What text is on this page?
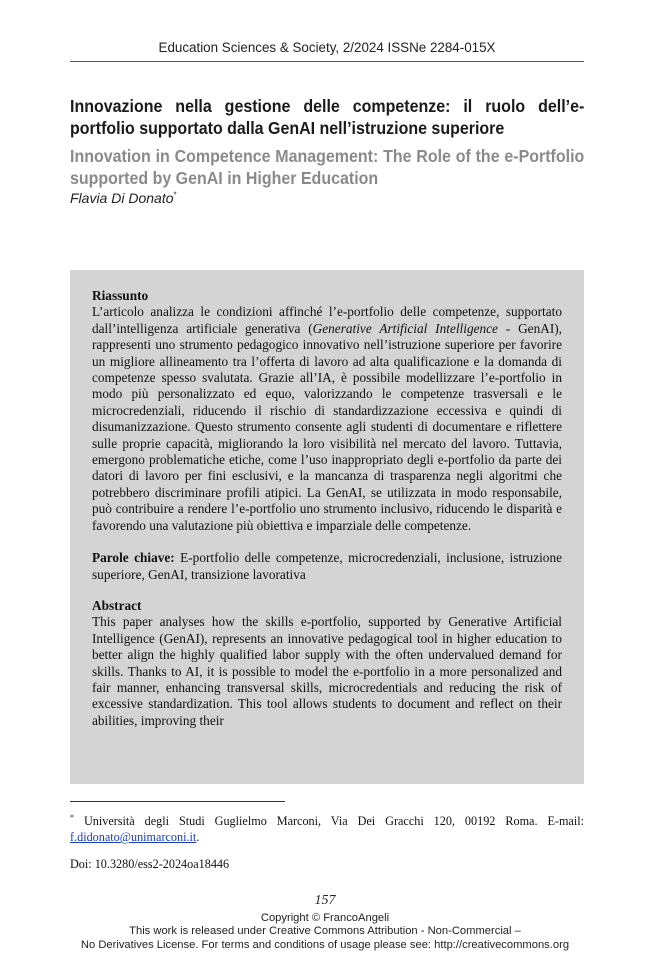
Education Sciences & Society, 2/2024 ISSNe 2284-015X
Innovazione nella gestione delle competenze: il ruolo dell’e-portfolio supportato dalla GenAI nell’istruzione superiore
Innovation in Competence Management: The Role of the e-Portfolio supported by GenAI in Higher Education
Flavia Di Donato*
Riassunto

L’articolo analizza le condizioni affinché l’e-portfolio delle competenze, supportato dall’intelligenza artificiale generativa (Generative Artificial Intelligence - GenAI), rappresenti uno strumento pedagogico innovativo nell’istruzione superiore per favorire un migliore allineamento tra l’offerta di lavoro ad alta qualificazione e la domanda di competenze spesso svalutata. Grazie all’IA, è possibile modellizzare l’e-portfolio in modo più personalizzato ed equo, valorizzando le competenze trasversali e le microcredenziali, riducendo il rischio di standardizzazione eccessiva e quindi di disumanizzazione. Questo strumento consente agli studenti di documentare e riflettere sulle proprie capacità, migliorando la loro visibilità nel mercato del lavoro. Tuttavia, emergono problematiche etiche, come l’uso inappropriato degli e-portfolio da parte dei datori di lavoro per fini esclusivi, e la mancanza di trasparenza negli algoritmi che potrebbero discriminare profili atipici. La GenAI, se utilizzata in modo responsabile, può contribuire a rendere l’e-portfolio uno strumento inclusivo, riducendo le disparità e favorendo una valutazione più obiettiva e imparziale delle competenze.

Parole chiave: E-portfolio delle competenze, microcredenziali, inclusione, istruzione superiore, GenAI, transizione lavorativa

Abstract

This paper analyses how the skills e-portfolio, supported by Generative Artificial Intelligence (GenAI), represents an innovative pedagogical tool in higher education to better align the highly qualified labor supply with the often undervalued demand for skills. Thanks to AI, it is possible to model the e-portfolio in a more personalized and fair manner, enhancing transversal skills, microcredentials and reducing the risk of excessive standardization. This tool allows students to document and reflect on their abilities, improving their

* Università degli Studi Guglielmo Marconi, Via Dei Gracchi 120, 00192 Roma. E-mail: f.didonato@unimarconi.it.
Doi: 10.3280/ess2-2024oa18446
157
Copyright © FrancoAngeli
This work is released under Creative Commons Attribution - Non-Commercial –
No Derivatives License. For terms and conditions of usage please see: http://creativecommons.org
